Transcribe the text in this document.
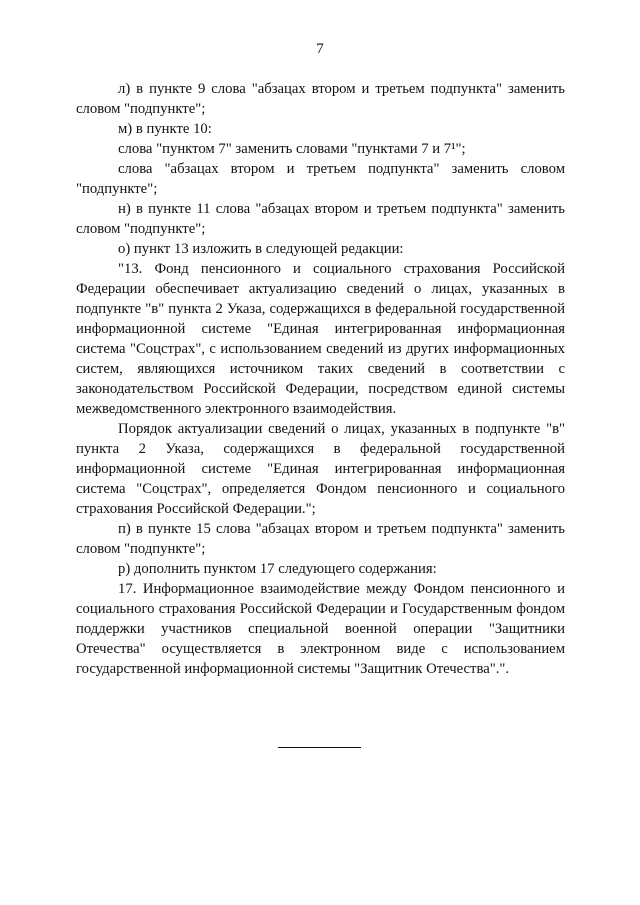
7

л) в пункте 9 слова "абзацах втором и третьем подпункта" заменить словом "подпункте";

м) в пункте 10:

слова "пунктом 7" заменить словами "пунктами 7 и 7¹";

слова "абзацах втором и третьем подпункта" заменить словом "подпункте";

н) в пункте 11 слова "абзацах втором и третьем подпункта" заменить словом "подпункте";

о) пункт 13 изложить в следующей редакции:

"13. Фонд пенсионного и социального страхования Российской Федерации обеспечивает актуализацию сведений о лицах, указанных в подпункте "в" пункта 2 Указа, содержащихся в федеральной государственной информационной системе "Единая интегрированная информационная система "Соцстрах", с использованием сведений из других информационных систем, являющихся источником таких сведений в соответствии с законодательством Российской Федерации, посредством единой системы межведомственного электронного взаимодействия.

Порядок актуализации сведений о лицах, указанных в подпункте "в" пункта 2 Указа, содержащихся в федеральной государственной информационной системе "Единая интегрированная информационная система "Соцстрах", определяется Фондом пенсионного и социального страхования Российской Федерации.";

п) в пункте 15 слова "абзацах втором и третьем подпункта" заменить словом "подпункте";

р) дополнить пунктом 17 следующего содержания:

17. Информационное взаимодействие между Фондом пенсионного и социального страхования Российской Федерации и Государственным фондом поддержки участников специальной военной операции "Защитники Отечества" осуществляется в электронном виде с использованием государственной информационной системы "Защитник Отечества".".
